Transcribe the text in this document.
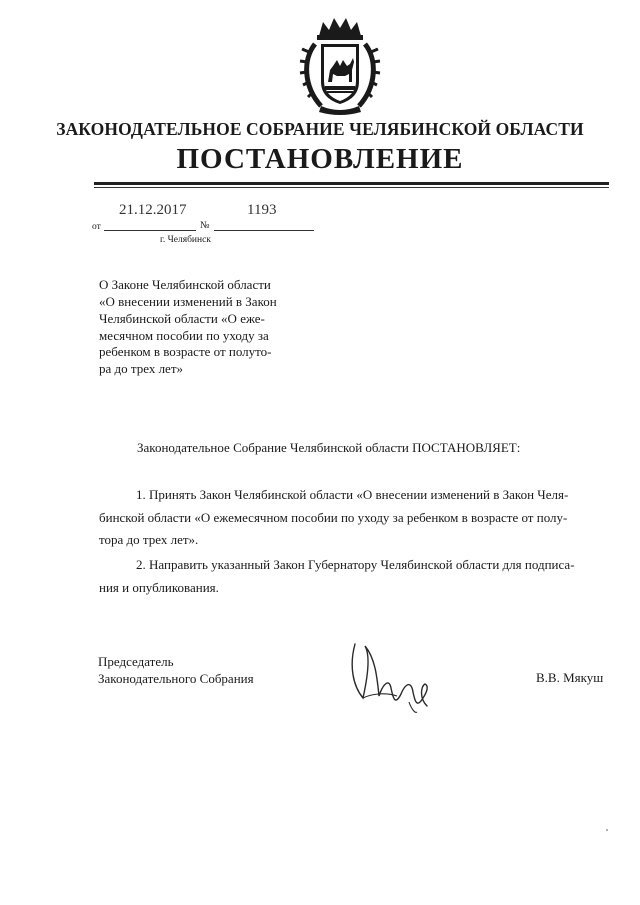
ЗАКОНОДАТЕЛЬНОЕ СОБРАНИЕ ЧЕЛЯБИНСКОЙ ОБЛАСТИ
ПОСТАНОВЛЕНИЕ
21.12.2017	1193
от	№
г. Челябинск
О Законе Челябинской области
«О внесении изменений в Закон
Челябинской области «О еже-
месячном пособии по уходу за
ребенком в возрасте от полуто-
ра до трех лет»
Законодательное Собрание Челябинской области ПОСТАНОВЛЯЕТ:
1. Принять Закон Челябинской области «О внесении изменений в Закон Челя-
бинской области «О ежемесячном пособии по уходу за ребенком в возрасте от полу-
тора до трех лет».
2. Направить указанный Закон Губернатору Челябинской области для подписа-
ния и опубликования.
Председатель
Законодательного Собрания	В.В. Мякуш
